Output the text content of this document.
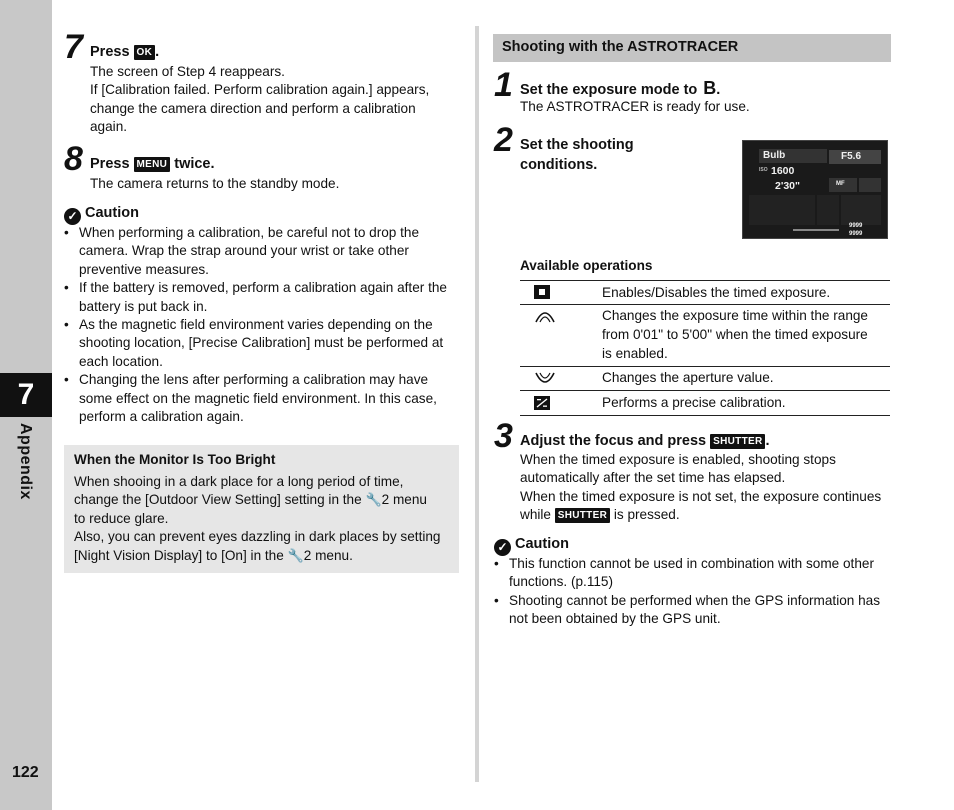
7
Appendix
122
7 Press OK .
The screen of Step 4 reappears.
If [Calibration failed. Perform calibration again.] appears,
change the camera direction and perform a calibration
again.
8 Press MENU twice.
The camera returns to the standby mode.
✓ Caution
• When performing a calibration, be careful not to drop the
camera. Wrap the strap around your wrist or take other
preventive measures.
• If the battery is removed, perform a calibration again after the
battery is put back in.
• As the magnetic field environment varies depending on the
shooting location, [Precise Calibration] must be performed at
each location.
• Changing the lens after performing a calibration may have
some effect on the magnetic field environment. In this case,
perform a calibration again.
When the Monitor Is Too Bright
When shooing in a dark place for a long period of time,
change the [Outdoor View Setting] setting in the 🔧2 menu
to reduce glare.
Also, you can prevent eyes dazzling in dark places by setting
[Night Vision Display] to [On] in the 🔧2 menu.
Shooting with the ASTROTRACER
1 Set the exposure mode to B.
The ASTROTRACER is ready for use.
2 Set the shooting
conditions.
Bulb	F5.6
ISO 1600
2'30"	MF
9999
9999
Available operations
Enables/Disables the timed exposure.
Changes the exposure time within the range
from 0'01" to 5'00" when the timed exposure
is enabled.
Changes the aperture value.
Performs a precise calibration.
3 Adjust the focus and press SHUTTER .
When the timed exposure is enabled, shooting stops
automatically after the set time has elapsed.
When the timed exposure is not set, the exposure continues
while SHUTTER is pressed.
✓ Caution
• This function cannot be used in combination with some other
functions. (p.115)
• Shooting cannot be performed when the GPS information has
not been obtained by the GPS unit.
